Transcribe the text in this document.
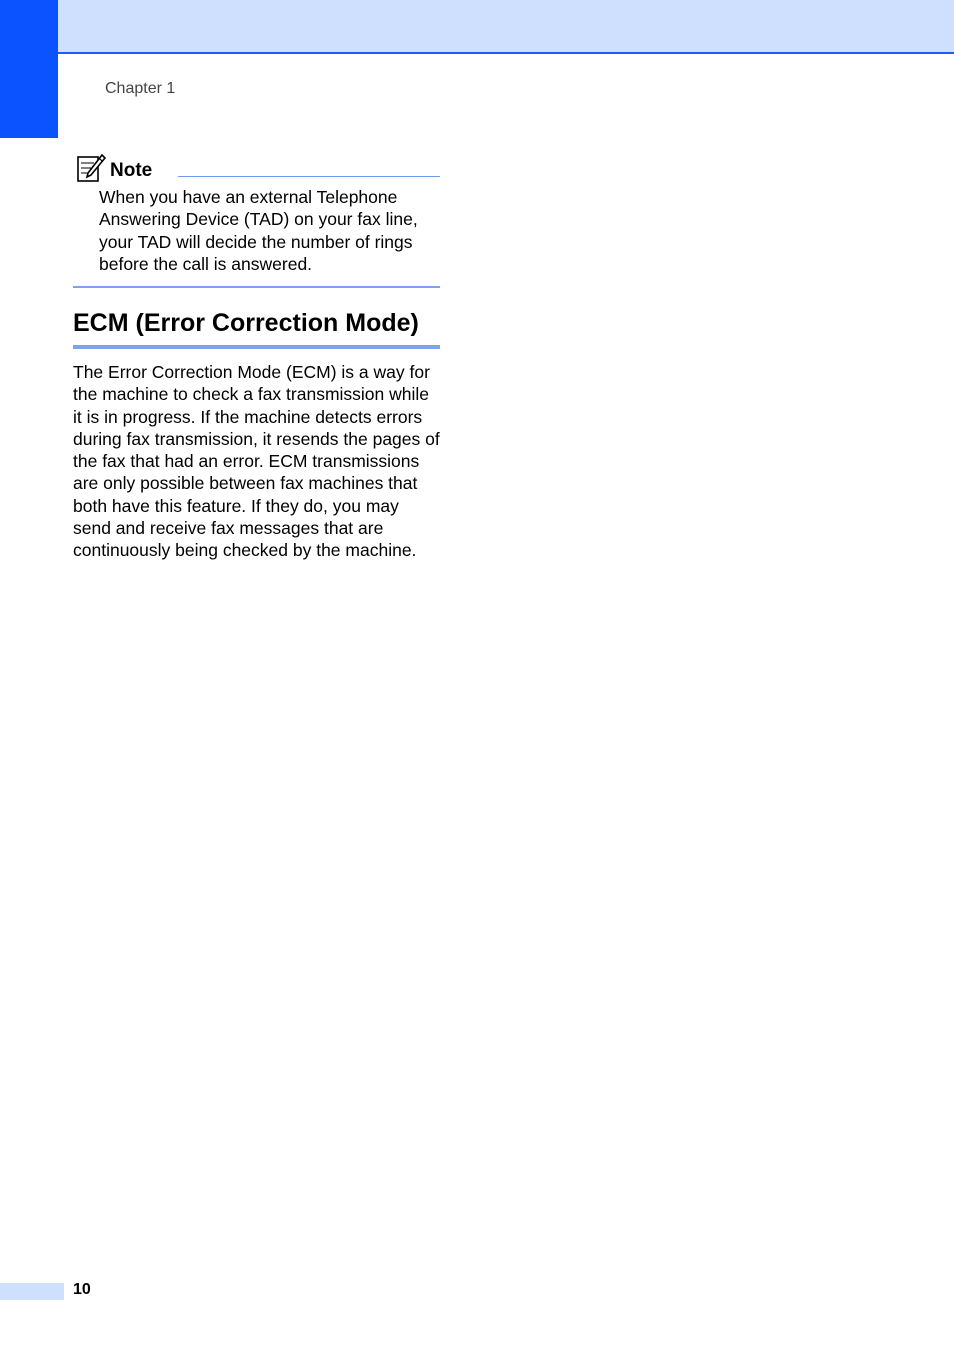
Chapter 1
Note

When you have an external Telephone Answering Device (TAD) on your fax line, your TAD will decide the number of rings before the call is answered.

ECM (Error Correction Mode)

The Error Correction Mode (ECM) is a way for the machine to check a fax transmission while it is in progress. If the machine detects errors during fax transmission, it resends the pages of the fax that had an error. ECM transmissions are only possible between fax machines that both have this feature. If they do, you may send and receive fax messages that are continuously being checked by the machine.

10
